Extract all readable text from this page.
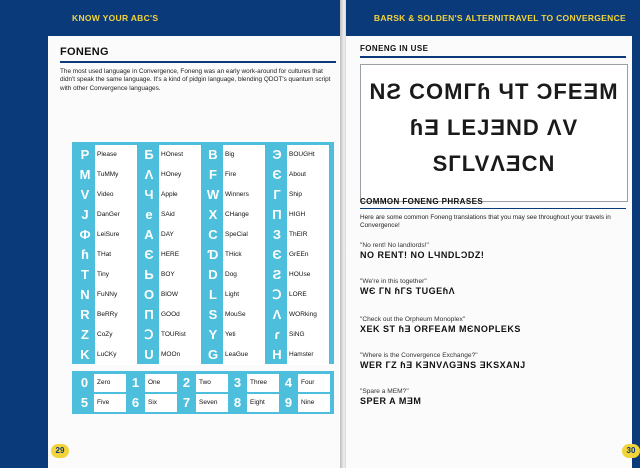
KNOW YOUR ABC'S
FONENG
The most used language in Convergence, Foneng was an early work-around for cultures that didn't speak the same language. It's a kind of pidgin language, blending QDOT's quantum script with other Convergence languages.
P	Please	Б	HOnest	B	Big	Э	BOUGHt
M	TuMMy	Λ	HOney	F	Fire	Є	About
V	Video	Ч	Apple	W Winners	Г	Ship
J	DanGer	e	SAid	X	CHange	Π	HIGH
Ф LeiSure	A	DAY	C	SpeCial	З	ThEIR
ɦ	THat	Є	HERE	Ɗ	THick	Є	GrEEn
T	Tiny	Ь	BOY	D	Dog	Ƨ	HOUse
N	FuNNy	O	BlOW	L	Light	Ↄ	LORE
R	BeRRy	П	GOOd	S	MouSe	Ʌ	WORking
Z	CoZy	Ↄ	TOURist	Y	Yeti	ɾ	SiNG
K	LuCKy	U	MOOn	G	LeaGue	H	Hamster
0	Zero	1	One	2	Two	3	Three	4	Four
5	Five	6	Six	7	Seven	8	Eight	9	Nine
29
BARSK & SOLDEN'S ALTERNITRAVEL TO CONVERGENCE
FONENG IN USE
NƧ COMГɦ ЧT ƆFEƎM
ɦƎ LEJƎND ΛV
SГLVɅƎCN
COMMON FONENG PHRASES
Here are some common Foneng translations that you may see throughout your travels in Convergence!
"No rent! No landlords!"
NO RENT! NO LЧNDLƆDZ!
"We're in this together"
WЄ ГN ɦГS TUGEɦɅ
"Check out the Orpheum Monoplex"
XEK ST ɦƎ ORFEAM MЄNOPLEKS
"Where is the Convergence Exchange?"
WER ГZ ɦƎ KƎNVɅGƎNS ƎKSXANJ
"Spare a MEM?"
SPER A MƎM
30
